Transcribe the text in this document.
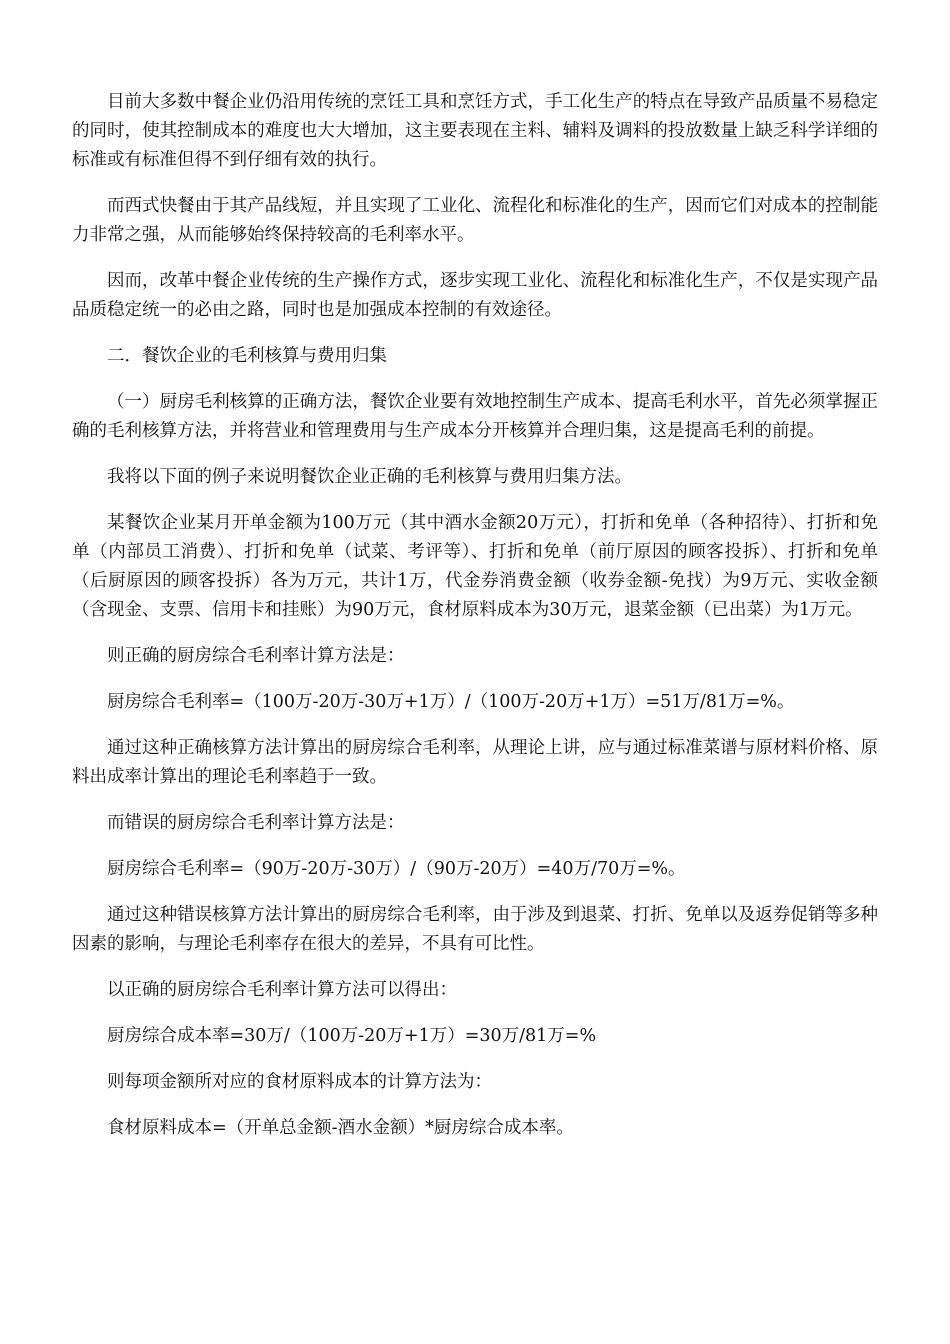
目前大多数中餐企业仍沿用传统的烹饪工具和烹饪方式，手工化生产的特点在导致产品质量不易稳定的同时，使其控制成本的难度也大大增加，这主要表现在主料、辅料及调料的投放数量上缺乏科学详细的标准或有标准但得不到仔细有效的执行。

而西式快餐由于其产品线短，并且实现了工业化、流程化和标准化的生产，因而它们对成本的控制能力非常之强，从而能够始终保持较高的毛利率水平。

因而，改革中餐企业传统的生产操作方式，逐步实现工业化、流程化和标准化生产，不仅是实现产品品质稳定统一的必由之路，同时也是加强成本控制的有效途径。

二．餐饮企业的毛利核算与费用归集

（一）厨房毛利核算的正确方法，餐饮企业要有效地控制生产成本、提高毛利水平，首先必须掌握正确的毛利核算方法，并将营业和管理费用与生产成本分开核算并合理归集，这是提高毛利的前提。

我将以下面的例子来说明餐饮企业正确的毛利核算与费用归集方法。

某餐饮企业某月开单金额为100万元（其中酒水金额20万元），打折和免单（各种招待）、打折和免单（内部员工消费）、打折和免单（试菜、考评等）、打折和免单（前厅原因的顾客投拆）、打折和免单（后厨原因的顾客投拆）各为万元，共计1万，代金券消费金额（收券金额-免找）为9万元、实收金额（含现金、支票、信用卡和挂账）为90万元，食材原料成本为30万元，退菜金额（已出菜）为1万元。

则正确的厨房综合毛利率计算方法是：

厨房综合毛利率=（100万-20万-30万+1万）/（100万-20万+1万）=51万/81万=%。

通过这种正确核算方法计算出的厨房综合毛利率，从理论上讲，应与通过标准菜谱与原材料价格、原料出成率计算出的理论毛利率趋于一致。

而错误的厨房综合毛利率计算方法是：

厨房综合毛利率=（90万-20万-30万）/（90万-20万）=40万/70万=%。

通过这种错误核算方法计算出的厨房综合毛利率，由于涉及到退菜、打折、免单以及返券促销等多种因素的影响，与理论毛利率存在很大的差异，不具有可比性。

以正确的厨房综合毛利率计算方法可以得出：

厨房综合成本率=30万/（100万-20万+1万）=30万/81万=%

则每项金额所对应的食材原料成本的计算方法为：

食材原料成本=（开单总金额-酒水金额）*厨房综合成本率。
